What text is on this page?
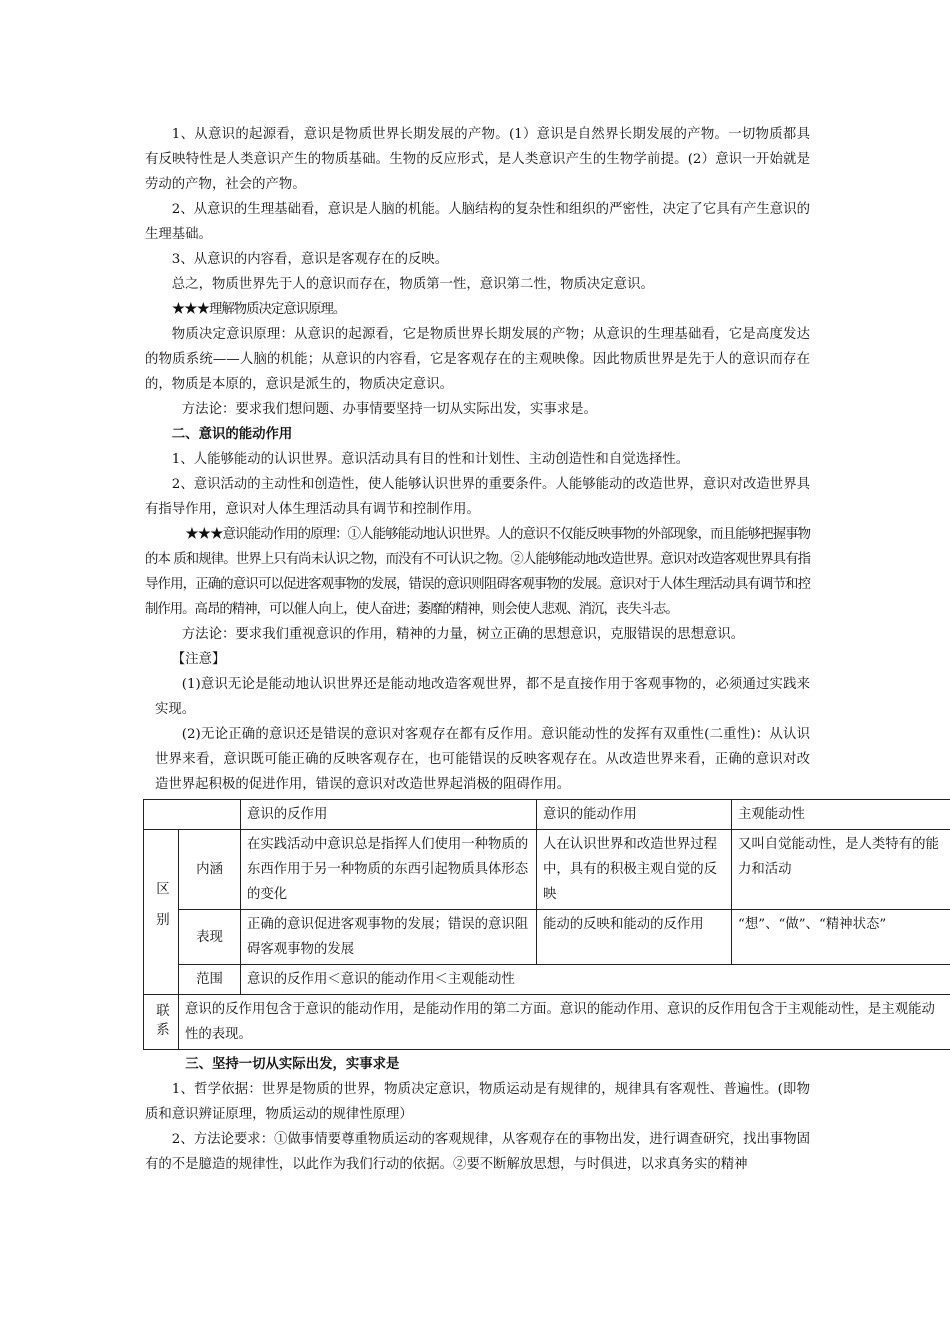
1、从意识的起源看，意识是物质世界长期发展的产物。(1）意识是自然界长期发展的产物。一切物质都具有反映特性是人类意识产生的物质基础。生物的反应形式，是人类意识产生的生物学前提。(2）意识一开始就是劳动的产物，社会的产物。

2、从意识的生理基础看，意识是人脑的机能。人脑结构的复杂性和组织的严密性，决定了它具有产生意识的生理基础。

3、从意识的内容看，意识是客观存在的反映。

总之，物质世界先于人的意识而存在，物质第一性，意识第二性，物质决定意识。

★★★理解物质决定意识原理。

物质决定意识原理：从意识的起源看，它是物质世界长期发展的产物；从意识的生理基础看，它是高度发达的物质系统——人脑的机能；从意识的内容看，它是客观存在的主观映像。因此物质世界是先于人的意识而存在的，物质是本原的，意识是派生的，物质决定意识。

方法论：要求我们想问题、办事情要坚持一切从实际出发，实事求是。

二、意识的能动作用

1、人能够能动的认识世界。意识活动具有目的性和计划性、主动创造性和自觉选择性。

2、意识活动的主动性和创造性，使人能够认识世界的重要条件。人能够能动的改造世界，意识对改造世界具有指导作用，意识对人体生理活动具有调节和控制作用。

★★★意识能动作用的原理：①人能够能动地认识世界。人的意识不仅能反映事物的外部现象，而且能够把握事物的本 质和规律。世界上只有尚未认识之物，而没有不可认识之物。②人能够能动地改造世界。意识对改造客观世界具有指导作用，正确的意识可以促进客观事物的发展，错误的意识则阻碍客观事物的发展。意识对于人体生理活动具有调节和控制作用。高昂的精神，可以催人向上，使人奋进；萎靡的精神，则会使人悲观、消沉，丧失斗志。

方法论：要求我们重视意识的作用，精神的力量，树立正确的思想意识，克服错误的思想意识。

【注意】

(1)意识无论是能动地认识世界还是能动地改造客观世界，都不是直接作用于客观事物的，必须通过实践来实现。

(2)无论正确的意识还是错误的意识对客观存在都有反作用。意识能动性的发挥有双重性(二重性)：从认识世界来看，意识既可能正确的反映客观存在，也可能错误的反映客观存在。从改造世界来看，正确的意识对改造世界起积极的促进作用，错误的意识对改造世界起消极的阻碍作用。

		意识的反作用	意识的能动作用	主观能动性
区别	内涵	在实践活动中意识总是指挥人们使用一种物质的东西作用于另一种物质的东西引起物质具体形态的变化	人在认识世界和改造世界过程中，具有的积极主观自觉的反映	又叫自觉能动性，是人类特有的能力和活动
	表现	正确的意识促进客观事物的发展；错误的意识阻碍客观事物的发展	能动的反映和能动的反作用	“想”、“做”、“精神状态”
	范围	意识的反作用＜意识的能动作用＜主观能动性		
联系	意识的反作用包含于意识的能动作用，是能动作用的第二方面。意识的能动作用、意识的反作用包含于主观能动性，是主观能动性的表现。			

三、坚持一切从实际出发，实事求是

1、哲学依据：世界是物质的世界，物质决定意识，物质运动是有规律的，规律具有客观性、普遍性。(即物质和意识辨证原理，物质运动的规律性原理）

2、方法论要求：①做事情要尊重物质运动的客观规律，从客观存在的事物出发，进行调查研究，找出事物固有的不是臆造的规律性，以此作为我们行动的依据。②要不断解放思想，与时俱进，以求真务实的精神
